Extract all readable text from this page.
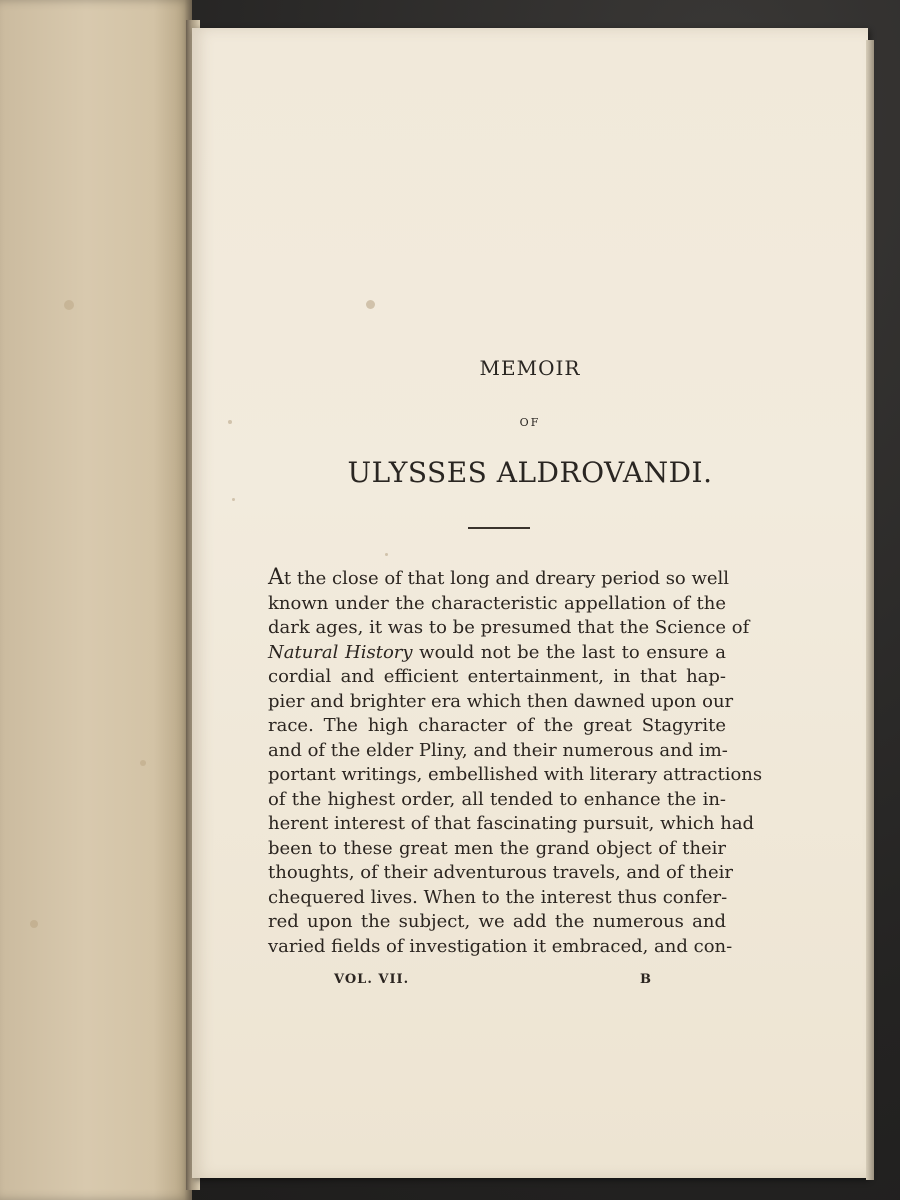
MEMOIR
OF
ULYSSES ALDROVANDI.
At the close of that long and dreary period so well
known under the characteristic appellation of the
dark ages, it was to be presumed that the Science of
Natural History would not be the last to ensure a
cordial and efficient entertainment, in that hap-
pier and brighter era which then dawned upon our
race. The high character of the great Stagyrite
and of the elder Pliny, and their numerous and im-
portant writings, embellished with literary attractions
of the highest order, all tended to enhance the in-
herent interest of that fascinating pursuit, which had
been to these great men the grand object of their
thoughts, of their adventurous travels, and of their
chequered lives. When to the interest thus confer-
red upon the subject, we add the numerous and
varied fields of investigation it embraced, and con-
VOL. VII.	B
